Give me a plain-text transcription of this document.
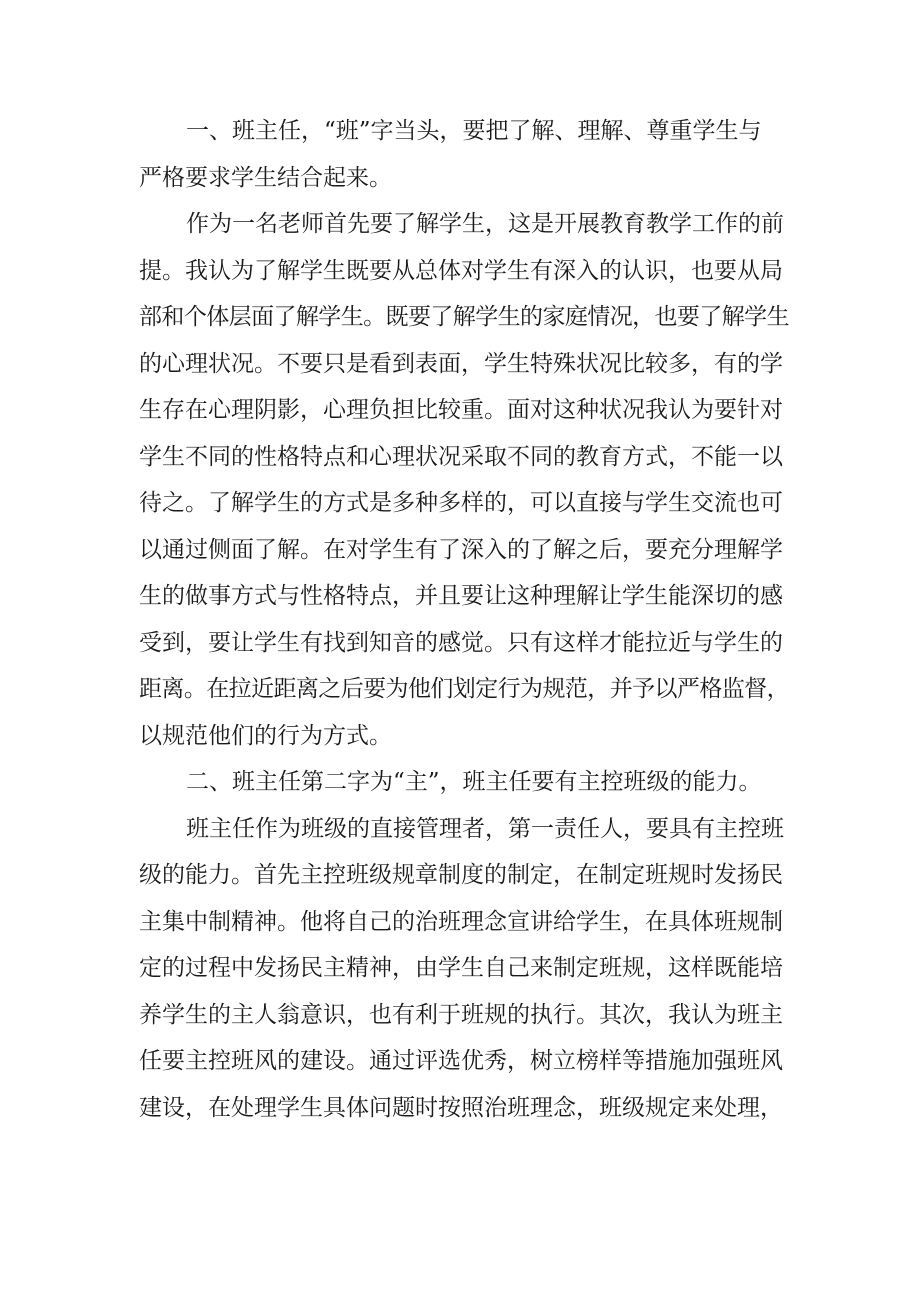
一、班主任，“班”字当头，要把了解、理解、尊重学生与
严格要求学生结合起来。
作为一名老师首先要了解学生，这是开展教育教学工作的前
提。我认为了解学生既要从总体对学生有深入的认识，也要从局
部和个体层面了解学生。既要了解学生的家庭情况，也要了解学生
的心理状况。不要只是看到表面，学生特殊状况比较多，有的学
生存在心理阴影，心理负担比较重。面对这种状况我认为要针对
学生不同的性格特点和心理状况采取不同的教育方式，不能一以
待之。了解学生的方式是多种多样的，可以直接与学生交流也可
以通过侧面了解。在对学生有了深入的了解之后，要充分理解学
生的做事方式与性格特点，并且要让这种理解让学生能深切的感
受到，要让学生有找到知音的感觉。只有这样才能拉近与学生的
距离。在拉近距离之后要为他们划定行为规范，并予以严格监督，
以规范他们的行为方式。
二、班主任第二字为“主”，班主任要有主控班级的能力。
班主任作为班级的直接管理者，第一责任人，要具有主控班
级的能力。首先主控班级规章制度的制定，在制定班规时发扬民
主集中制精神。他将自己的治班理念宣讲给学生，在具体班规制
定的过程中发扬民主精神，由学生自己来制定班规，这样既能培
养学生的主人翁意识，也有利于班规的执行。其次，我认为班主
任要主控班风的建设。通过评选优秀，树立榜样等措施加强班风
建设，在处理学生具体问题时按照治班理念，班级规定来处理，
